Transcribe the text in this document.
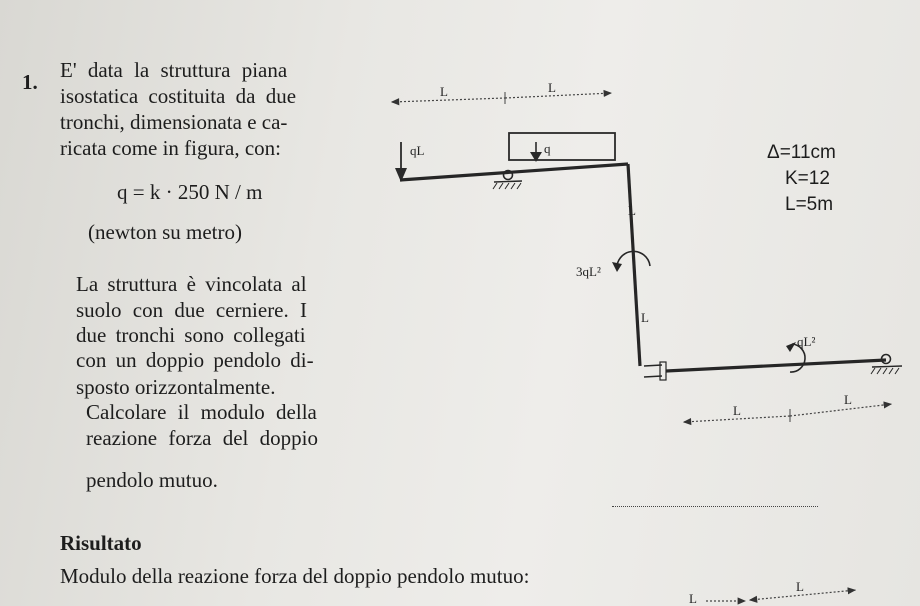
1. E' data la struttura piana
isostatica costituita da due
tronchi, dimensionata e ca-
ricata come in figura, con:
q = k · 250 N / m
(newton su metro)
La struttura è vincolata al
suolo con due cerniere. I
due tronchi sono collegati
con un doppio pendolo di-
sposto orizzontalmente.
Calcolare il modulo della
reazione forza del doppio
pendolo mutuo.
Risultato
Modulo della reazione forza del doppio pendolo mutuo:
L	L
q
qL
L
L
3qL²
qL²
L
L
Δ=11cm
K=12
L=5m
L
L
